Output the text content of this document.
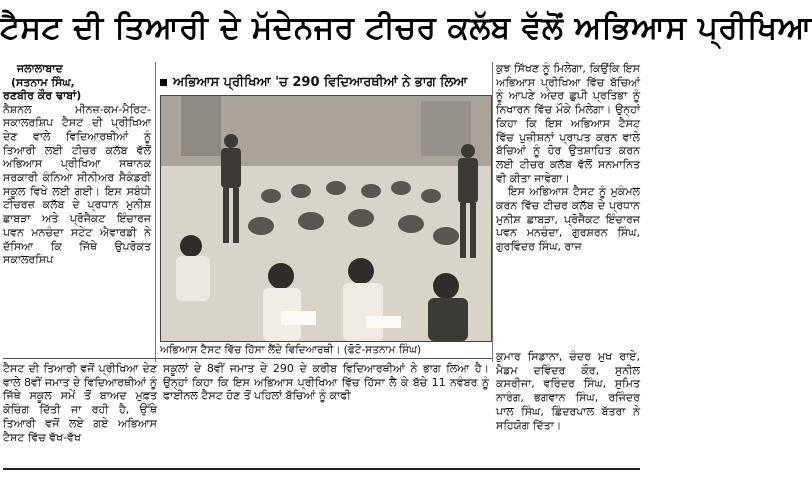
ਟੈਸਟ ਦੀ ਤਿਆਰੀ ਦੇ ਮੱਦੇਨਜਰ ਟੀਚਰ ਕਲੱਬ ਵੱਲੋਂ ਅਭਿਆਸ ਪ੍ਰੀਖਿਆ
ਜਲਾਲਾਬਾਦ
(ਸਤਨਾਮ ਸਿੰਘ,
ਰਣਬੀਰ ਕੌਰ ਢਾਬਾਂ)

ਨੈਸ਼ਨਲ ਮੀਨਜ਼-ਕਮ-ਮੈਰਿਟ-ਸਕਾਲਰਸ਼ਿਪ ਟੈਸਟ ਦੀ ਪ੍ਰੀਖਿਆ ਦੇਣ ਵਾਲੇ ਵਿਦਿਆਰਥੀਆਂ ਨੂੰ ਤਿਆਰੀ ਲਈ ਟੀਚਰ ਕਲੱਬ ਵੱਲੋਂ ਅਭਿਆਸ ਪ੍ਰੀਖਿਆ ਸਥਾਨਕ ਸਰਕਾਰੀ ਕੰਨਿਆ ਸੀਨੀਅਰ ਸੈਕੰਡਰੀ ਸਕੂਲ ਵਿਖੇ ਲਈ ਗਈ। ਇਸ ਸਬੰਧੀ ਟੀਚਰਜ਼ ਕਲੱਬ ਦੇ ਪ੍ਰਧਾਨ ਮੁਨੀਸ਼ ਛਾਬੜਾ ਅਤੇ ਪ੍ਰੋਜੈਕਟ ਇੰਚਾਰਜ ਪਵਨ ਮਨਚੰਦਾ ਸਟੇਟ ਐਵਾਰਡੀ ਨੇ ਦੱਸਿਆ ਕਿ ਜਿੱਥੇ ਉਪਰੋਕਤ ਸਕਾਲਰਸ਼ਿਪ

ਅਭਿਆਸ ਪ੍ਰੀਖਿਆ 'ਚ 290 ਵਿਦਿਆਰਥੀਆਂ ਨੇ ਭਾਗ ਲਿਆ
ਅਭਿਆਸ ਟੈਸਟ ਵਿੱਚ ਹਿੱਸਾ ਲੈਂਦੇ ਵਿਦਿਆਰਥੀ। (ਫੋਟੋ-ਸਤਨਾਮ ਸਿੰਘ)

ਕੁਝ ਸਿੱਖਣ ਨੂੰ ਮਿਲੇਗਾ, ਕਿਉਂਕਿ ਇਸ ਅਭਿਆਸ ਪ੍ਰੀਖਿਆ ਵਿੱਚ ਬੱਚਿਆਂ ਨੂੰ ਆਪਣੇ ਅੰਦਰ ਛੁਪੀ ਪ੍ਰਤਿਭਾ ਨੂੰ ਨਿਖਾਰਨ ਵਿੱਚ ਮੌਕੇ ਮਿਲੇਗਾ। ਉਨ੍ਹਾਂ ਕਿਹਾ ਕਿ ਇਸ ਅਭਿਆਸ ਟੈਸਟ ਵਿੱਚ ਪੁਜ਼ੀਸ਼ਨਾਂ ਪ੍ਰਾਪਤ ਕਰਨ ਵਾਲੇ ਬੱਚਿਆਂ ਨੂੰ ਹੋਰ ਉਤਸ਼ਾਹਿਤ ਕਰਨ ਲਈ ਟੀਚਰ ਕਲੱਬ ਵੱਲੋਂ ਸਨਮਾਨਿਤ ਵੀ ਕੀਤਾ ਜਾਵੇਗਾ।

ਇਸ ਅਭਿਆਸ ਟੈਸਟ ਨੂੰ ਮੁਕੰਮਲ ਕਰਨ ਵਿੱਚ ਟੀਚਰ ਕਲੱਬ ਦੇ ਪ੍ਰਧਾਨ ਮੁਨੀਸ਼ ਛਾਬੜਾ, ਪ੍ਰੋਜੈਕਟ ਇੰਚਾਰਜ ਪਵਨ ਮਨਚੰਦਾ, ਗੁਰਸ਼ਰਨ ਸਿੰਘ, ਗੁਰਵਿੰਦਰ ਸਿੰਘ, ਰਾਜ

ਟੈਸਟ ਦੀ ਤਿਆਰੀ ਵਜੋਂ ਪ੍ਰੀਖਿਆ ਦੇਣ ਵਾਲੇ 8ਵੀਂ ਜਮਾਤ ਦੇ ਵਿਦਿਆਰਥੀਆਂ ਨੂੰ ਜਿੱਥੇ ਸਕੂਲ ਸਮੇਂ ਤੋਂ ਬਾਅਦ ਮੁਫ਼ਤ ਕੋਚਿੰਗ ਦਿੱਤੀ ਜਾ ਰਹੀ ਹੈ, ਉੱਥੇ ਤਿਆਰੀ ਵਜੋਂ ਲਏ ਗਏ ਅਭਿਆਸ ਟੈਸਟ ਵਿੱਚ ਵੱਖ-ਵੱਖ

ਸਕੂਲਾਂ ਦੇ 8ਵੀਂ ਜਮਾਤ ਦੇ 290 ਦੇ ਕਰੀਬ ਵਿਦਿਆਰਥੀਆਂ ਨੇ ਭਾਗ ਲਿਆ ਹੈ। ਉਨ੍ਹਾਂ ਕਿਹਾ ਕਿ ਇਸ ਅਭਿਆਸ ਪ੍ਰੀਖਿਆ ਵਿੱਚ ਹਿੱਸਾ ਲੈ ਕੇ ਬੱਚੇ 11 ਨਵੰਬਰ ਨੂੰ ਫਾਈਨਲ ਟੈਸਟ ਹੋਣ ਤੋਂ ਪਹਿਲਾਂ ਬੱਚਿਆਂ ਨੂੰ ਕਾਫੀ

ਕੁਮਾਰ ਸਿਡਾਨਾ, ਚੰਦਰ ਮੁਖ ਰਾਏ, ਮੈਡਮ ਦਵਿੰਦਰ ਕੌਰ, ਸੁਨੀਲ ਕਸਰੀਜਾ, ਵਰਿੰਦਰ ਸਿੰਘ, ਸੁਮਿਤ ਨਾਰੰਗ, ਭਗਵਾਨ ਸਿੰਘ, ਰਜਿੰਦਰ ਪਾਲ ਸਿੰਘ, ਛਿੰਦਰਪਾਲ ਬੱਤਰਾ ਨੇ ਸਹਿਯੋਗ ਦਿੱਤਾ।
